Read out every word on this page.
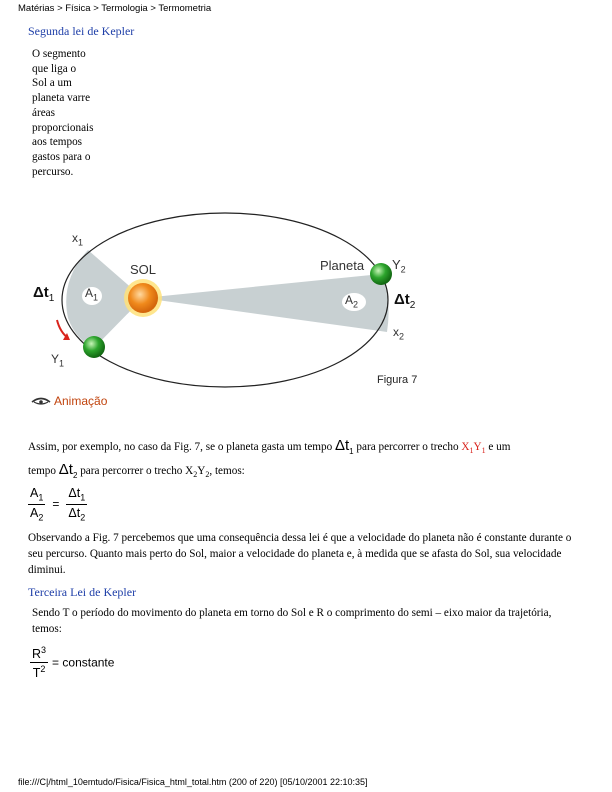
Matérias > Física > Termologia > Termometria
Segunda lei de Kepler
O segmento
que liga o
Sol a um
planeta varre
áreas
proporcionais
aos tempos
gastos para o
percurso.
$x_1$
$Y_1$
SOL	Planeta $Y_2$
$x_2$
$A_1$	$A_2$
$\Delta t_1$	$\Delta t_2$
Figura 7
Animação
Assim, por exemplo, no caso da Fig. 7, se o planeta gasta um tempo $\Delta t_1$ para percorrer o trecho $X_1Y_1$ e um
tempo $\Delta t_2$ para percorrer o trecho $X_2Y_2$, temos:
$\frac{A_1}{A_2} = \frac{\Delta t_1}{\Delta t_2}$
Observando a Fig. 7 percebemos que uma consequência dessa lei é que a velocidade do planeta não é constante durante o seu percurso. Quanto mais perto do Sol, maior a velocidade do planeta e, à medida que se afasta do Sol, sua velocidade diminui.
Terceira Lei de Kepler
Sendo T o período do movimento do planeta em torno do Sol e R o comprimento do semi – eixo maior da trajetória, temos:
$\frac{R^3}{T^2}$ = constante
file:///C|/html_10emtudo/Fisica/Fisica_html_total.htm (200 of 220) [05/10/2001 22:10:35]
